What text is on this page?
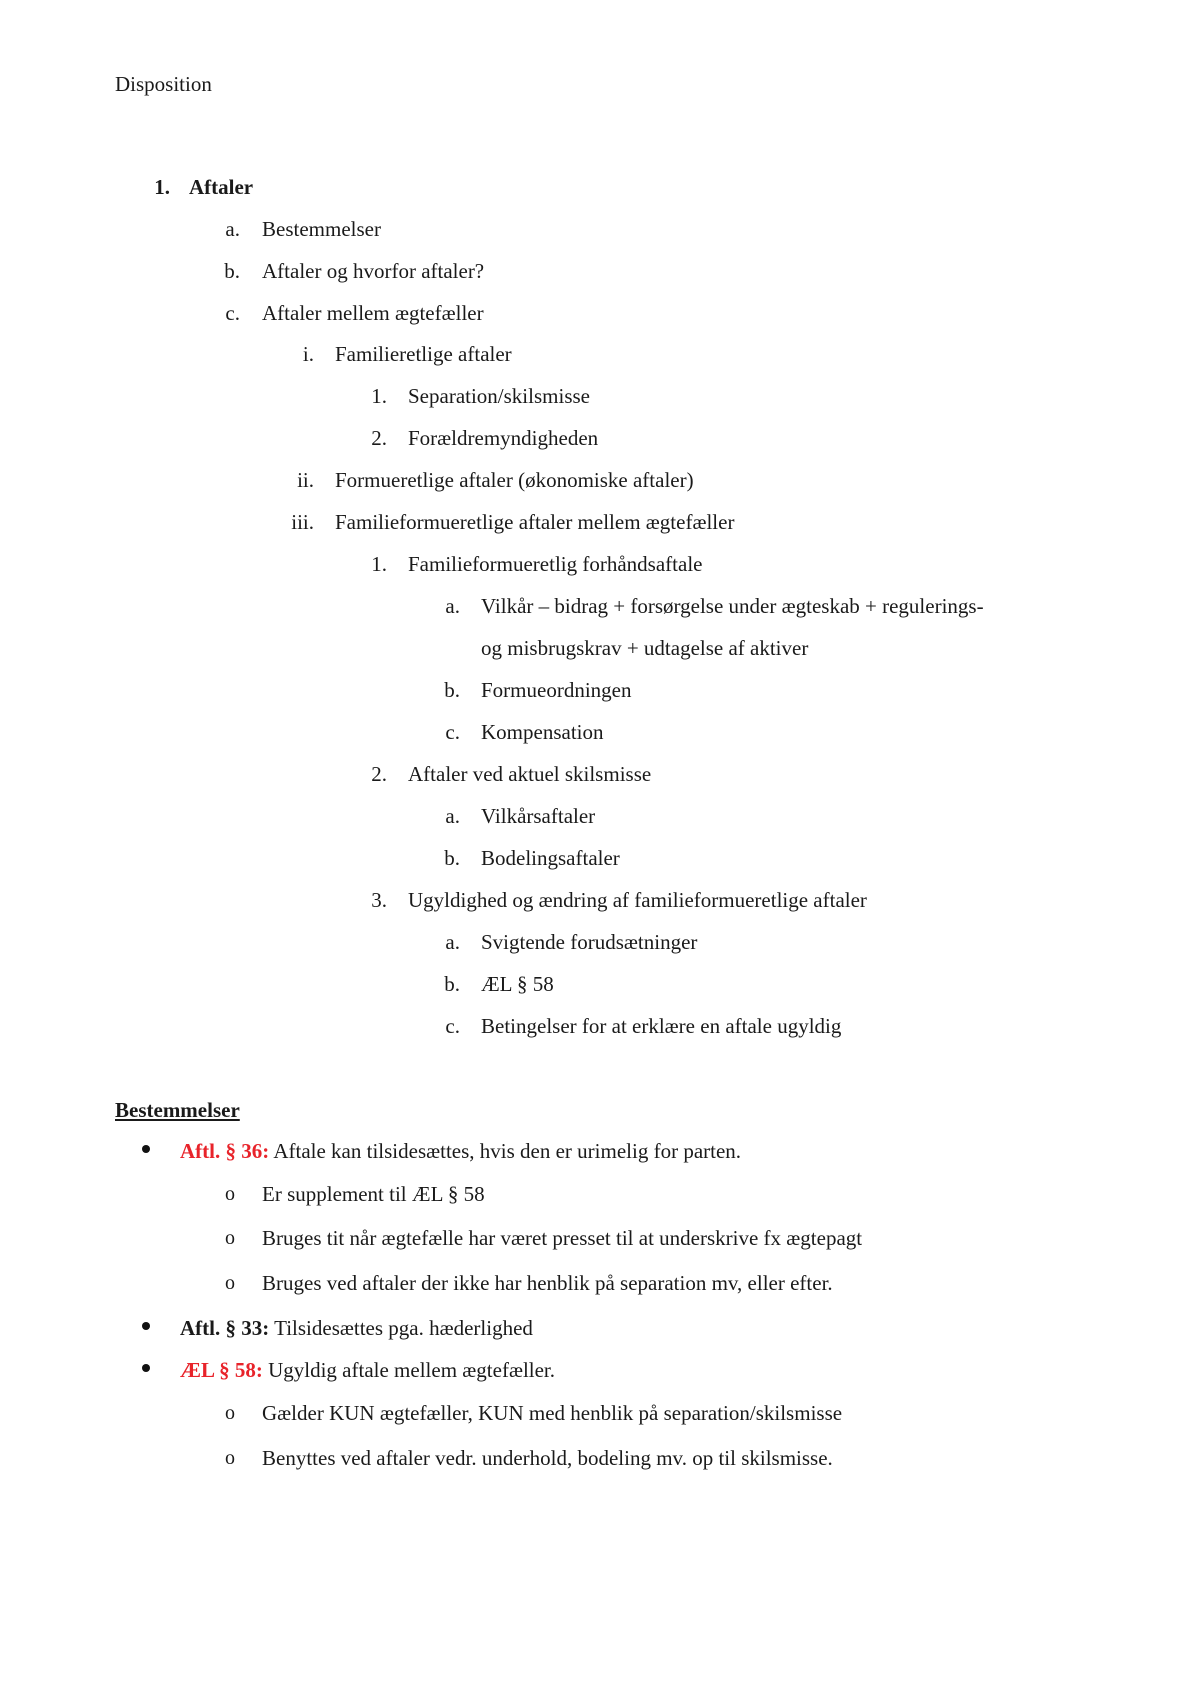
Disposition
1. Aftaler
a. Bestemmelser
b. Aftaler og hvorfor aftaler?
c. Aftaler mellem ægtefæller
i. Familieretlige aftaler
1. Separation/skilsmisse
2. Forældremyndigheden
ii. Formueretlige aftaler (økonomiske aftaler)
iii. Familieformueretlige aftaler mellem ægtefæller
1. Familieformueretlig forhåndsaftale
a. Vilkår – bidrag + forsørgelse under ægteskab + regulerings-
og misbrugskrav + udtagelse af aktiver
b. Formueordningen
c. Kompensation
2. Aftaler ved aktuel skilsmisse
a. Vilkårsaftaler
b. Bodelingsaftaler
3. Ugyldighed og ændring af familieformueretlige aftaler
a. Svigtende forudsætninger
b. ÆL § 58
c. Betingelser for at erklære en aftale ugyldig
Bestemmelser
Aftl. § 36: Aftale kan tilsidesættes, hvis den er urimelig for parten.
o Er supplement til ÆL § 58
o Bruges tit når ægtefælle har været presset til at underskrive fx ægtepagt
o Bruges ved aftaler der ikke har henblik på separation mv, eller efter.
Aftl. § 33: Tilsidesættes pga. hæderlighed
ÆL § 58: Ugyldig aftale mellem ægtefæller.
o Gælder KUN ægtefæller, KUN med henblik på separation/skilsmisse
o Benyttes ved aftaler vedr. underhold, bodeling mv. op til skilsmisse.
